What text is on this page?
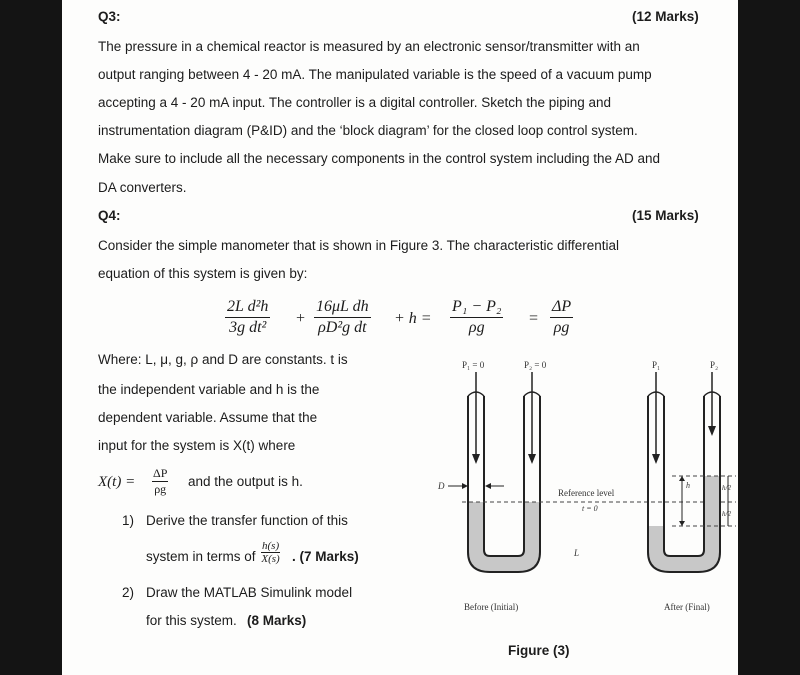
Q3:	(12 Marks)
The pressure in a chemical reactor is measured by an electronic sensor/transmitter with an
output ranging between 4 - 20 mA. The manipulated variable is the speed of a vacuum pump
accepting a 4 - 20 mA input. The controller is a digital controller. Sketch the piping and
instrumentation diagram (P&ID) and the ‘block diagram’ for the closed loop control system.
Make sure to include all the necessary components in the control system including the AD and
DA converters.
Q4:	(15 Marks)
Consider the simple manometer that is shown in Figure 3. The characteristic differential
equation of this system is given by:
$\frac{\text{2L d²h}}{\text{3g dt²}} + \frac{\text{16μL dh}}{\text{ρD²g dt}} + h = \frac{\text{P₁ − P₂}}{\rho g} = \frac{\Delta P}{\rho g}$
Where: L, μ, g, ρ and D are constants. t is
the independent variable and h is the
dependent variable. Assume that the
input for the system is X(t) where
$X(t) = \frac{\Delta P}{\rho g}$ and the output is h.
1) Derive the transfer function of this
system in terms of $\frac{h(s)}{X(s)}$ . (7 Marks)
2) Draw the MATLAB Simulink model
for this system. (8 Marks)
P₁ = 0	P₂ = 0	P₁	P₂
D
Reference level
t = 0
L
h	h/2
h/2
Before (Initial)	After (Final)
Figure (3)
